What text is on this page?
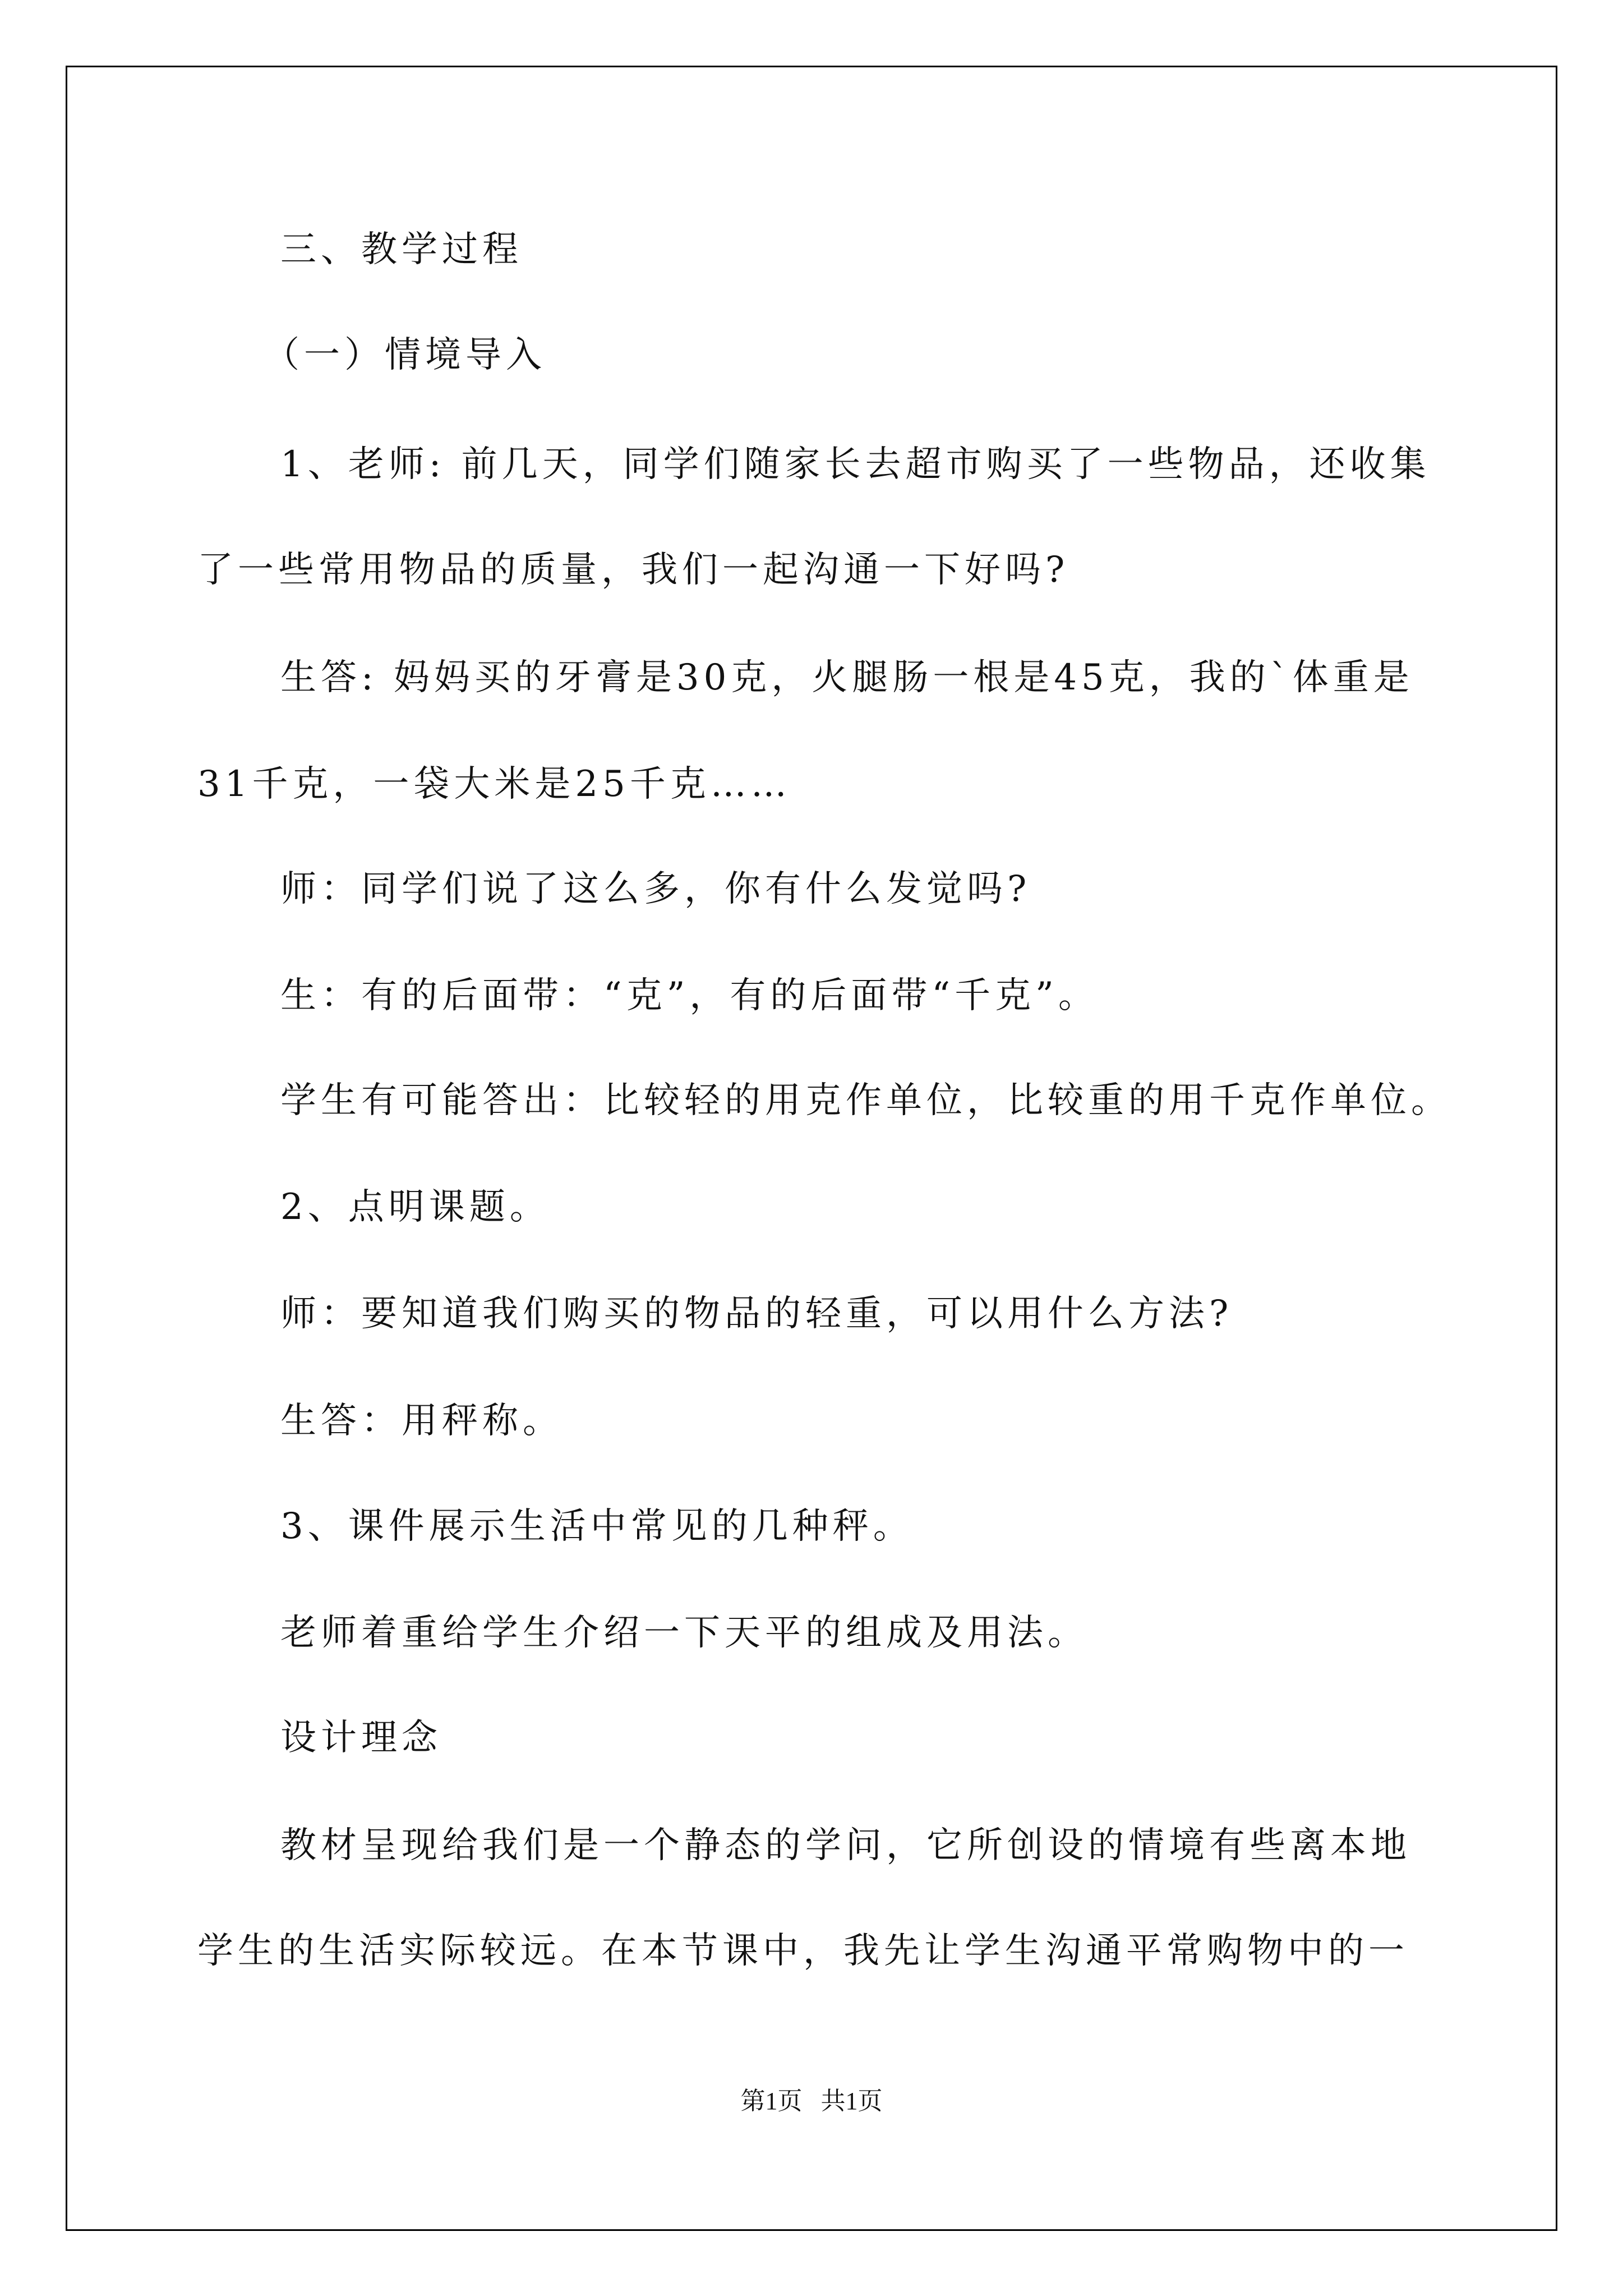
三、教学过程
（一）情境导入
1、老师: 前几天，同学们随家长去超市购买了一些物品，还收集
了一些常用物品的质量，我们一起沟通一下好吗?
生答: 妈妈买的牙膏是30克，火腿肠一根是45克，我的`体重是
31千克，一袋大米是25千克……
师：同学们说了这么多，你有什么发觉吗?
生：有的后面带：“克”，有的后面带“千克”。
学生有可能答出：比较轻的用克作单位，比较重的用千克作单位。
2、点明课题。
师：要知道我们购买的物品的轻重，可以用什么方法?
生答：用秤称。
3、课件展示生活中常见的几种秤。
老师着重给学生介绍一下天平的组成及用法。
设计理念
教材呈现给我们是一个静态的学问，它所创设的情境有些离本地
学生的生活实际较远。在本节课中，我先让学生沟通平常购物中的一
第1页   共1页
